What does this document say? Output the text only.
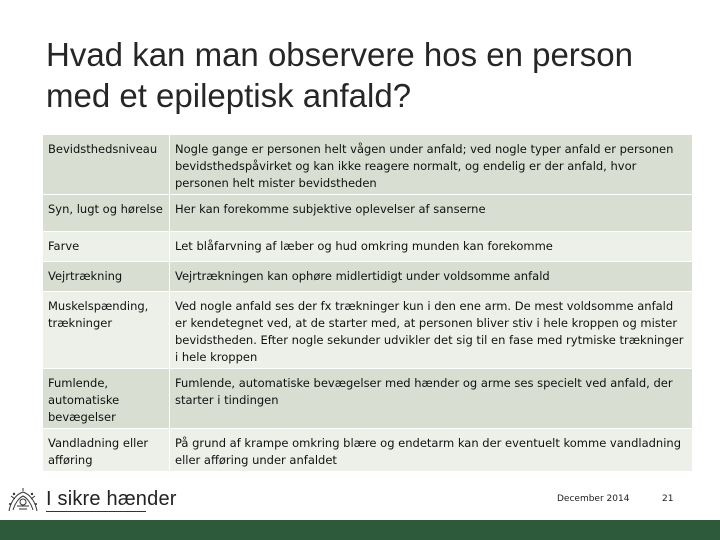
Hvad kan man observere hos en person med et epileptisk anfald?
Bevidsthedsniveau	Nogle gange er personen helt vågen under anfald; ved nogle typer anfald er personen bevidsthedspåvirket og kan ikke reagere normalt, og endelig er der anfald, hvor personen helt mister bevidstheden
Syn, lugt og hørelse	Her kan forekomme subjektive oplevelser af sanserne
Farve	Let blåfarvning af læber og hud omkring munden kan forekomme
Vejrtrækning	Vejrtrækningen kan ophøre midlertidigt under voldsomme anfald
Muskelspænding, trækninger	Ved nogle anfald ses der fx trækninger kun i den ene arm. De mest voldsomme anfald er kendetegnet ved, at de starter med, at personen bliver stiv i hele kroppen og mister bevidstheden. Efter nogle sekunder udvikler det sig til en fase med rytmiske trækninger i hele kroppen
Fumlende, automatiske bevægelser	Fumlende, automatiske bevægelser med hænder og arme ses specielt ved anfald, der starter i tindingen
Vandladning eller afføring	På grund af krampe omkring blære og endetarm kan der eventuelt komme vandladning eller afføring under anfaldet
I sikre hænder	December 2014	21
